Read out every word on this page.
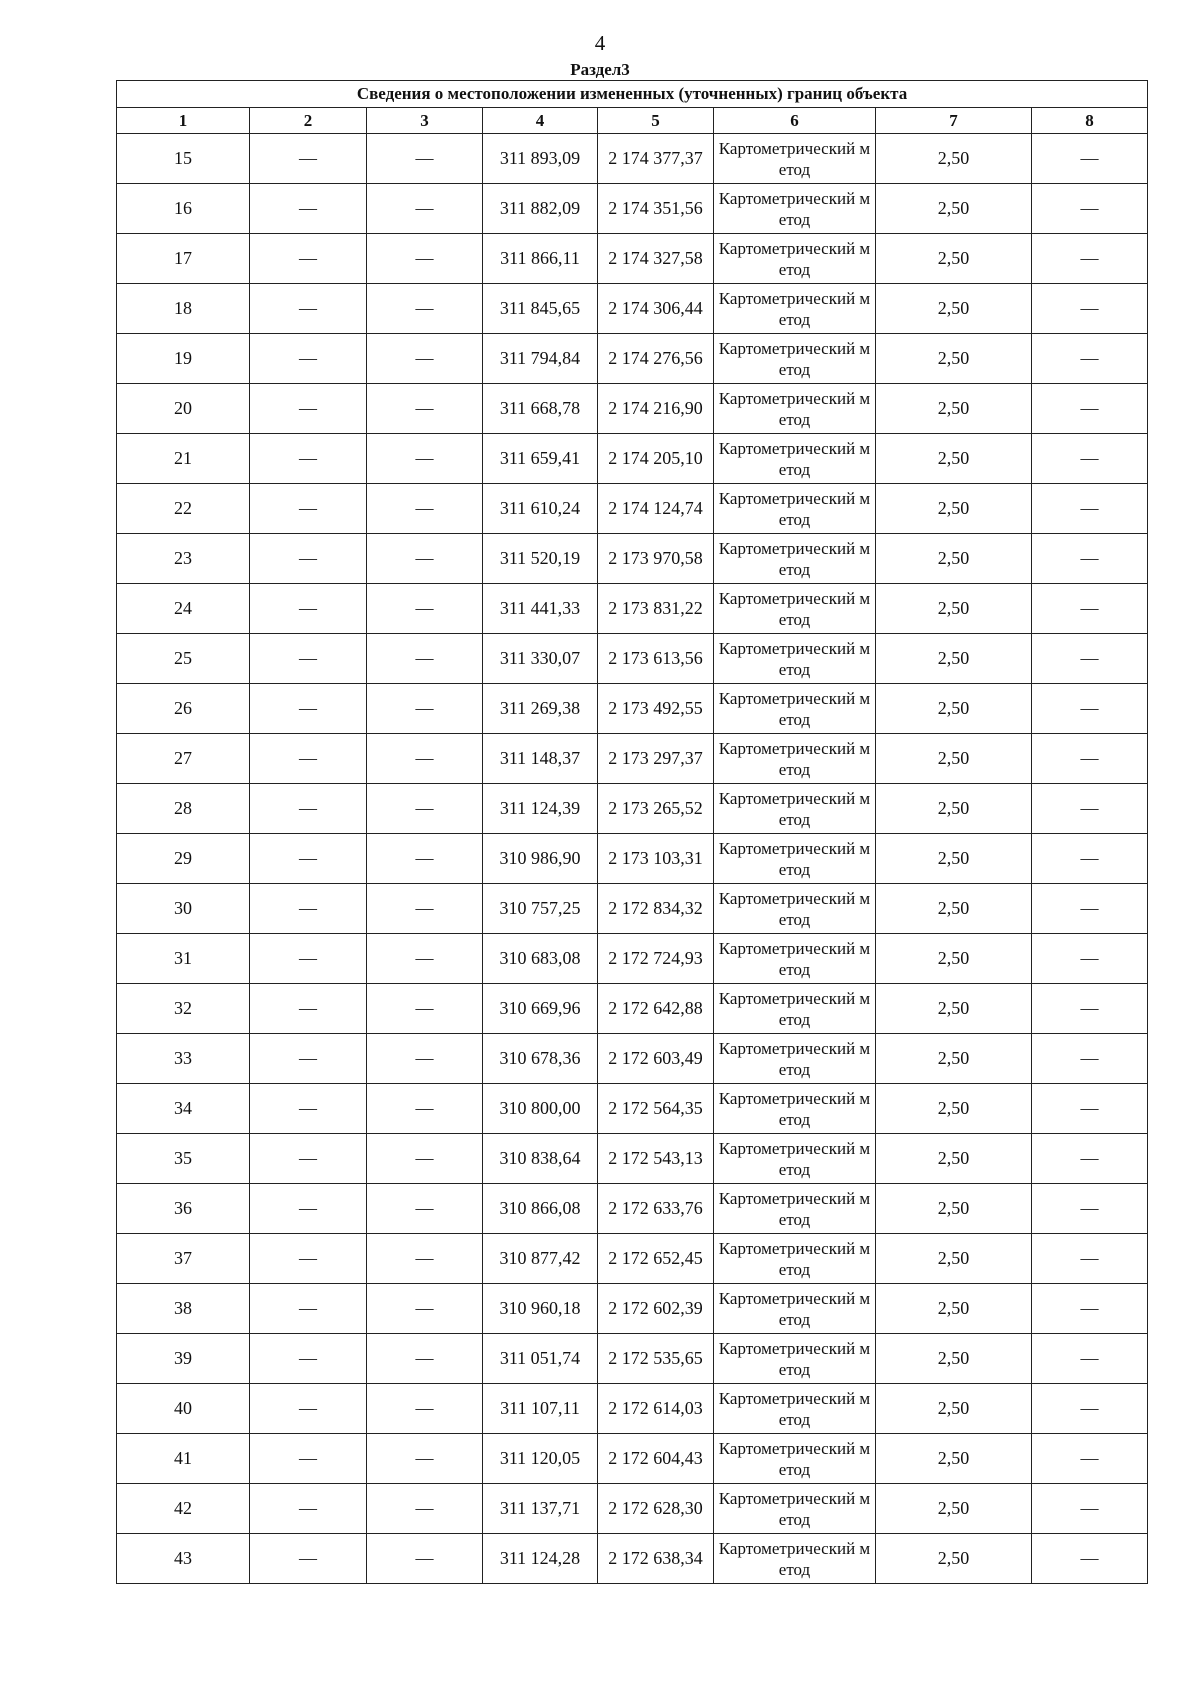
4
Раздел3
Сведения о местоположении измененных (уточненных) границ объекта							
1	2	3	4	5	6	7	8
15	—	—	311 893,09	2 174 377,37	Картометрический метод	2,50	—
16	—	—	311 882,09	2 174 351,56	Картометрический метод	2,50	—
17	—	—	311 866,11	2 174 327,58	Картометрический метод	2,50	—
18	—	—	311 845,65	2 174 306,44	Картометрический метод	2,50	—
19	—	—	311 794,84	2 174 276,56	Картометрический метод	2,50	—
20	—	—	311 668,78	2 174 216,90	Картометрический метод	2,50	—
21	—	—	311 659,41	2 174 205,10	Картометрический метод	2,50	—
22	—	—	311 610,24	2 174 124,74	Картометрический метод	2,50	—
23	—	—	311 520,19	2 173 970,58	Картометрический метод	2,50	—
24	—	—	311 441,33	2 173 831,22	Картометрический метод	2,50	—
25	—	—	311 330,07	2 173 613,56	Картометрический метод	2,50	—
26	—	—	311 269,38	2 173 492,55	Картометрический метод	2,50	—
27	—	—	311 148,37	2 173 297,37	Картометрический метод	2,50	—
28	—	—	311 124,39	2 173 265,52	Картометрический метод	2,50	—
29	—	—	310 986,90	2 173 103,31	Картометрический метод	2,50	—
30	—	—	310 757,25	2 172 834,32	Картометрический метод	2,50	—
31	—	—	310 683,08	2 172 724,93	Картометрический метод	2,50	—
32	—	—	310 669,96	2 172 642,88	Картометрический метод	2,50	—
33	—	—	310 678,36	2 172 603,49	Картометрический метод	2,50	—
34	—	—	310 800,00	2 172 564,35	Картометрический метод	2,50	—
35	—	—	310 838,64	2 172 543,13	Картометрический метод	2,50	—
36	—	—	310 866,08	2 172 633,76	Картометрический метод	2,50	—
37	—	—	310 877,42	2 172 652,45	Картометрический метод	2,50	—
38	—	—	310 960,18	2 172 602,39	Картометрический метод	2,50	—
39	—	—	311 051,74	2 172 535,65	Картометрический метод	2,50	—
40	—	—	311 107,11	2 172 614,03	Картометрический метод	2,50	—
41	—	—	311 120,05	2 172 604,43	Картометрический метод	2,50	—
42	—	—	311 137,71	2 172 628,30	Картометрический метод	2,50	—
43	—	—	311 124,28	2 172 638,34	Картометрический метод	2,50	—
